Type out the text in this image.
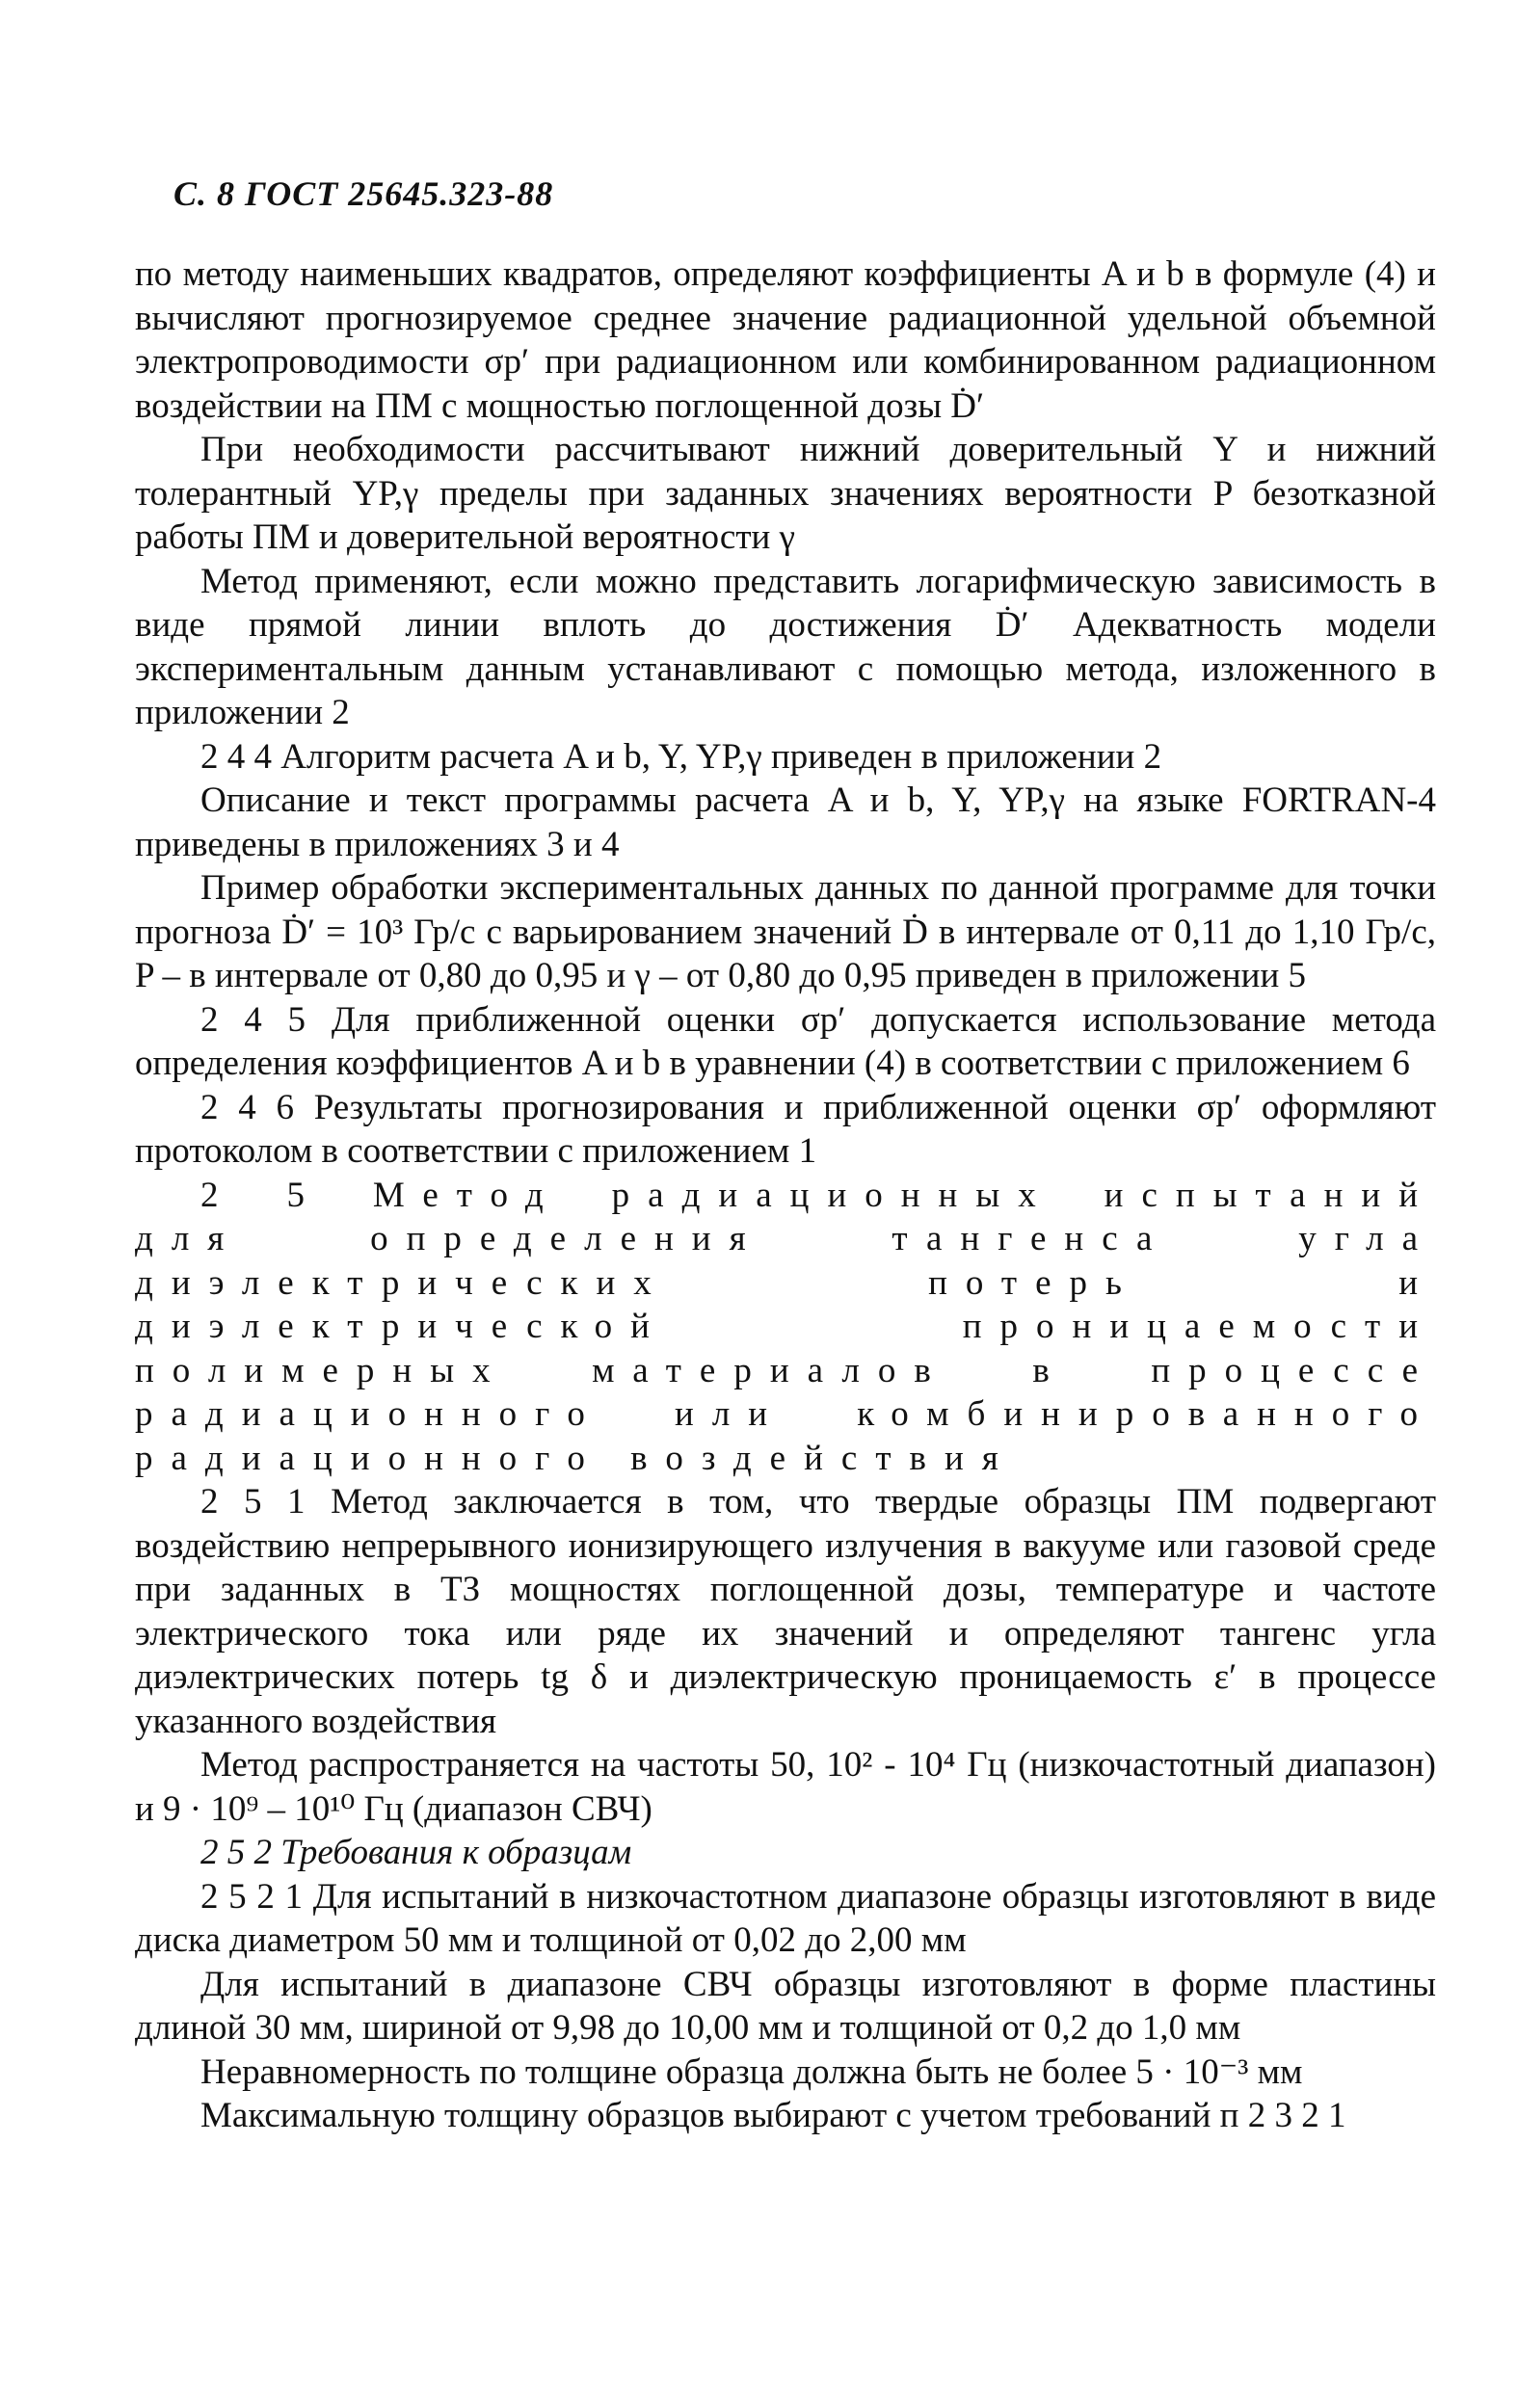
С. 8 ГОСТ 25645.323-88

по методу наименьших квадратов, определяют коэффициенты A и b в формуле (4) и вычисляют прогнозируемое среднее значение радиационной удельной объемной электропроводимости σp′ при радиационном или комбинированном радиационном воздействии на ПМ с мощностью поглощенной дозы Ḋ′

При необходимости рассчитывают нижний доверительный Y и нижний толерантный YP,γ пределы при заданных значениях вероятности P безотказной работы ПМ и доверительной вероятности γ

Метод применяют, если можно представить логарифмическую зависимость в виде прямой линии вплоть до достижения Ḋ′ Адекватность модели экспериментальным данным устанавливают с помощью метода, изложенного в приложении 2

2 4 4 Алгоритм расчета A и b, Y, YP,γ приведен в приложении 2

Описание и текст программы расчета A и b, Y, YP,γ на языке FORTRAN-4 приведены в приложениях 3 и 4

Пример обработки экспериментальных данных по данной программе для точки прогноза Ḋ′ = 10³ Гр/с с варьированием значений Ḋ в интервале от 0,11 до 1,10 Гр/с, P – в интервале от 0,80 до 0,95 и γ – от 0,80 до 0,95 приведен в приложении 5

2 4 5 Для приближенной оценки σp′ допускается использование метода определения коэффициентов A и b в уравнении (4) в соответствии с приложением 6

2 4 6 Результаты прогнозирования и приближенной оценки σp′ оформляют протоколом в соответствии с приложением 1

2 5 Метод радиационных испытаний для определения тангенса угла диэлектрических потерь и диэлектрической проницаемости полимерных материалов в процессе радиационного или комбинированного радиационного воздействия

2 5 1 Метод заключается в том, что твердые образцы ПМ подвергают воздействию непрерывного ионизирующего излучения в вакууме или газовой среде при заданных в ТЗ мощностях поглощенной дозы, температуре и частоте электрического тока или ряде их значений и определяют тангенс угла диэлектрических потерь tg δ и диэлектрическую проницаемость ε′ в процессе указанного воздействия

Метод распространяется на частоты 50, 10² - 10⁴ Гц (низкочастотный диапазон) и 9 · 10⁹ – 10¹⁰ Гц (диапазон СВЧ)

2 5 2 Требования к образцам

2 5 2 1 Для испытаний в низкочастотном диапазоне образцы изготовляют в виде диска диаметром 50 мм и толщиной от 0,02 до 2,00 мм

Для испытаний в диапазоне СВЧ образцы изготовляют в форме пластины длиной 30 мм, шириной от 9,98 до 10,00 мм и толщиной от 0,2 до 1,0 мм

Неравномерность по толщине образца должна быть не более 5 · 10⁻³ мм

Максимальную толщину образцов выбирают с учетом требований п 2 3 2 1
